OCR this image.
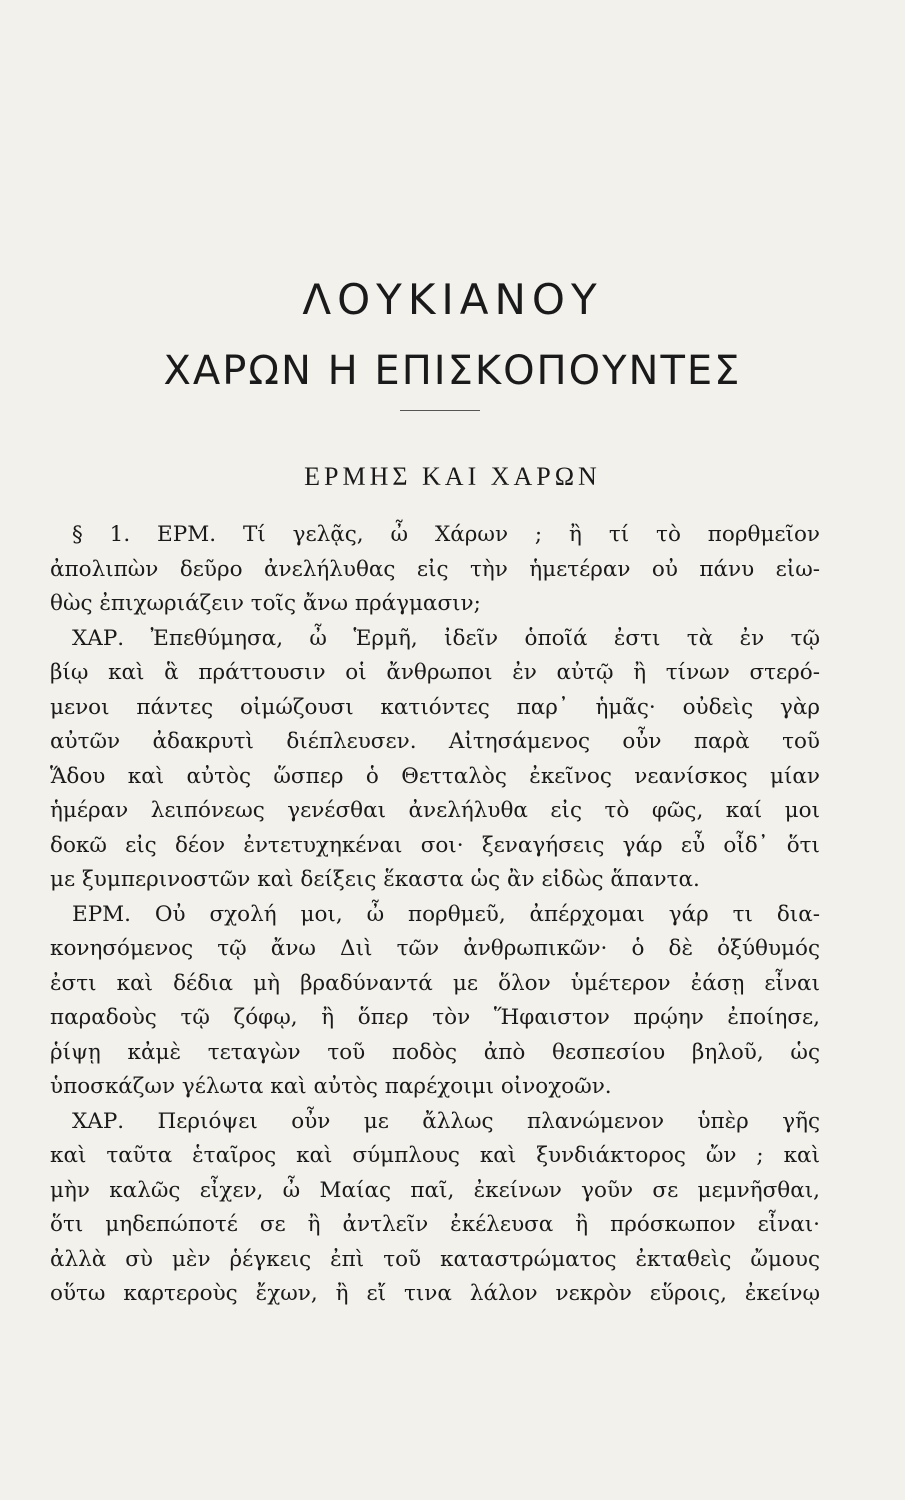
ΛΟΥΚΙΑΝΟΥ
ΧΑΡΩΝ Η ΕΠΙΣΚΟΠΟΥΝΤΕΣ
ΕΡΜΗΣ ΚΑΙ ΧΑΡΩΝ
§ 1. ΕΡΜ. Τί γελᾷς, ὦ Χάρων ; ἢ τί τὸ πορθμεῖον
ἀπολιπὼν δεῦρο ἀνελήλυθας εἰς τὴν ἡμετέραν οὐ πάνυ εἰω-
θὼς ἐπιχωριάζειν τοῖς ἄνω πράγμασιν;
ΧΑΡ. Ἐπεθύμησα, ὦ Ἑρμῆ, ἰδεῖν ὁποῖά ἐστι τὰ ἐν τῷ
βίῳ καὶ ἃ πράττουσιν οἱ ἄνθρωποι ἐν αὐτῷ ἢ τίνων στερό-
μενοι πάντες οἰμώζουσι κατιόντες παρ᾿ ἡμᾶς· οὐδεὶς γὰρ
αὐτῶν ἀδακρυτὶ διέπλευσεν. Αἰτησάμενος οὖν παρὰ τοῦ
Ἅδου καὶ αὐτὸς ὥσπερ ὁ Θετταλὸς ἐκεῖνος νεανίσκος μίαν
ἡμέραν λειπόνεως γενέσθαι ἀνελήλυθα εἰς τὸ φῶς, καί μοι
δοκῶ εἰς δέον ἐντετυχηκέναι σοι· ξεναγήσεις γάρ εὖ οἶδ᾿ ὅτι
με ξυμπερινοστῶν καὶ δείξεις ἕκαστα ὡς ἂν εἰδὼς ἅπαντα.
ΕΡΜ. Οὐ σχολή μοι, ὦ πορθμεῦ, ἀπέρχομαι γάρ τι δια-
κονησόμενος τῷ ἄνω Διὶ τῶν ἀνθρωπικῶν· ὁ δὲ ὀξύθυμός
ἐστι καὶ δέδια μὴ βραδύναντά με ὅλον ὑμέτερον ἐάσῃ εἶναι
παραδοὺς τῷ ζόφῳ, ἢ ὅπερ τὸν Ἥφαιστον πρῴην ἐποίησε,
ῥίψῃ κἀμὲ τεταγὼν τοῦ ποδὸς ἀπὸ θεσπεσίου βηλοῦ, ὡς
ὑποσκάζων γέλωτα καὶ αὐτὸς παρέχοιμι οἰνοχοῶν.
ΧΑΡ. Περιόψει οὖν με ἄλλως πλανώμενον ὑπὲρ γῆς
καὶ ταῦτα ἑταῖρος καὶ σύμπλους καὶ ξυνδιάκτορος ὤν ; καὶ
μὴν καλῶς εἶχεν, ὦ Μαίας παῖ, ἐκείνων γοῦν σε μεμνῆσθαι,
ὅτι μηδεπώποτέ σε ἢ ἀντλεῖν ἐκέλευσα ἢ πρόσκωπον εἶναι·
ἀλλὰ σὺ μὲν ῥέγκεις ἐπὶ τοῦ καταστρώματος ἐκταθεὶς ὤμους
οὕτω καρτεροὺς ἔχων, ἢ εἴ τινα λάλον νεκρὸν εὕροις, ἐκείνῳ
